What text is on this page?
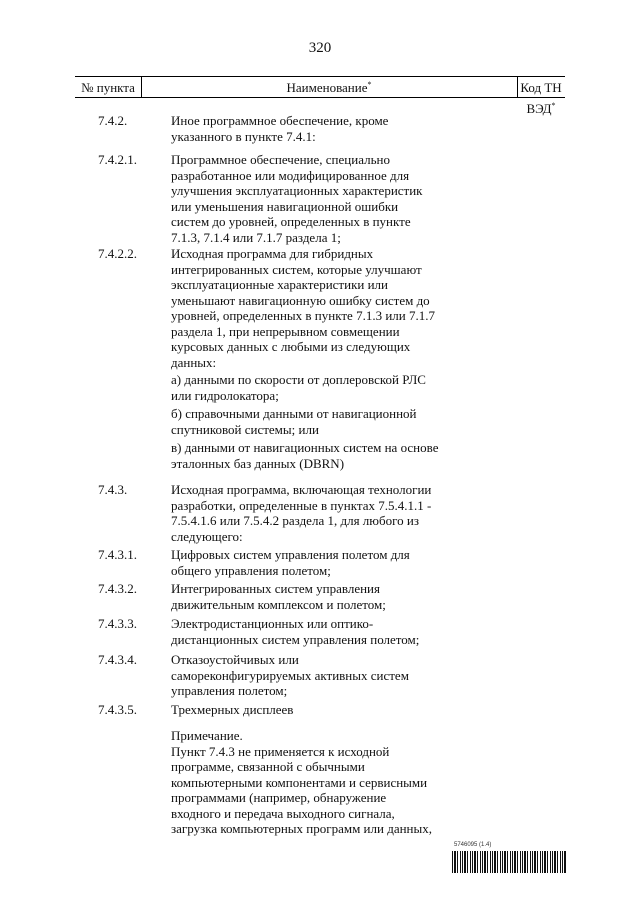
320
№ пункта	Наименование*	Код ТН ВЭД*
7.4.2.	Иное программное обеспечение, кроме
указанного в пункте 7.4.1:
7.4.2.1.	Программное обеспечение, специально
разработанное или модифицированное для
улучшения эксплуатационных характеристик
или уменьшения навигационной ошибки
систем до уровней, определенных в пункте
7.1.3, 7.1.4 или 7.1.7 раздела 1;
7.4.2.2.	Исходная программа для гибридных
интегрированных систем, которые улучшают
эксплуатационные характеристики или
уменьшают навигационную ошибку систем до
уровней, определенных в пункте 7.1.3 или 7.1.7
раздела 1, при непрерывном совмещении
курсовых данных с любыми из следующих
данных:
а) данными по скорости от доплеровской РЛС
или гидролокатора;
б) справочными данными от навигационной
спутниковой системы; или
в) данными от навигационных систем на основе
эталонных баз данных (DBRN)
7.4.3.	Исходная программа, включающая технологии
разработки, определенные в пунктах 7.5.4.1.1 -
7.5.4.1.6 или 7.5.4.2 раздела 1, для любого из
следующего:
7.4.3.1.	Цифровых систем управления полетом для
общего управления полетом;
7.4.3.2.	Интегрированных систем управления
движительным комплексом и полетом;
7.4.3.3.	Электродистанционных или оптико-
дистанционных систем управления полетом;
7.4.3.4.	Отказоустойчивых или
самореконфигурируемых активных систем
управления полетом;
7.4.3.5.	Трехмерных дисплеев
Примечание.
Пункт 7.4.3 не применяется к исходной
программе, связанной с обычными
компьютерными компонентами и сервисными
программами (например, обнаружение
входного и передача выходного сигнала,
загрузка компьютерных программ или данных,
5746095 (1.4)
